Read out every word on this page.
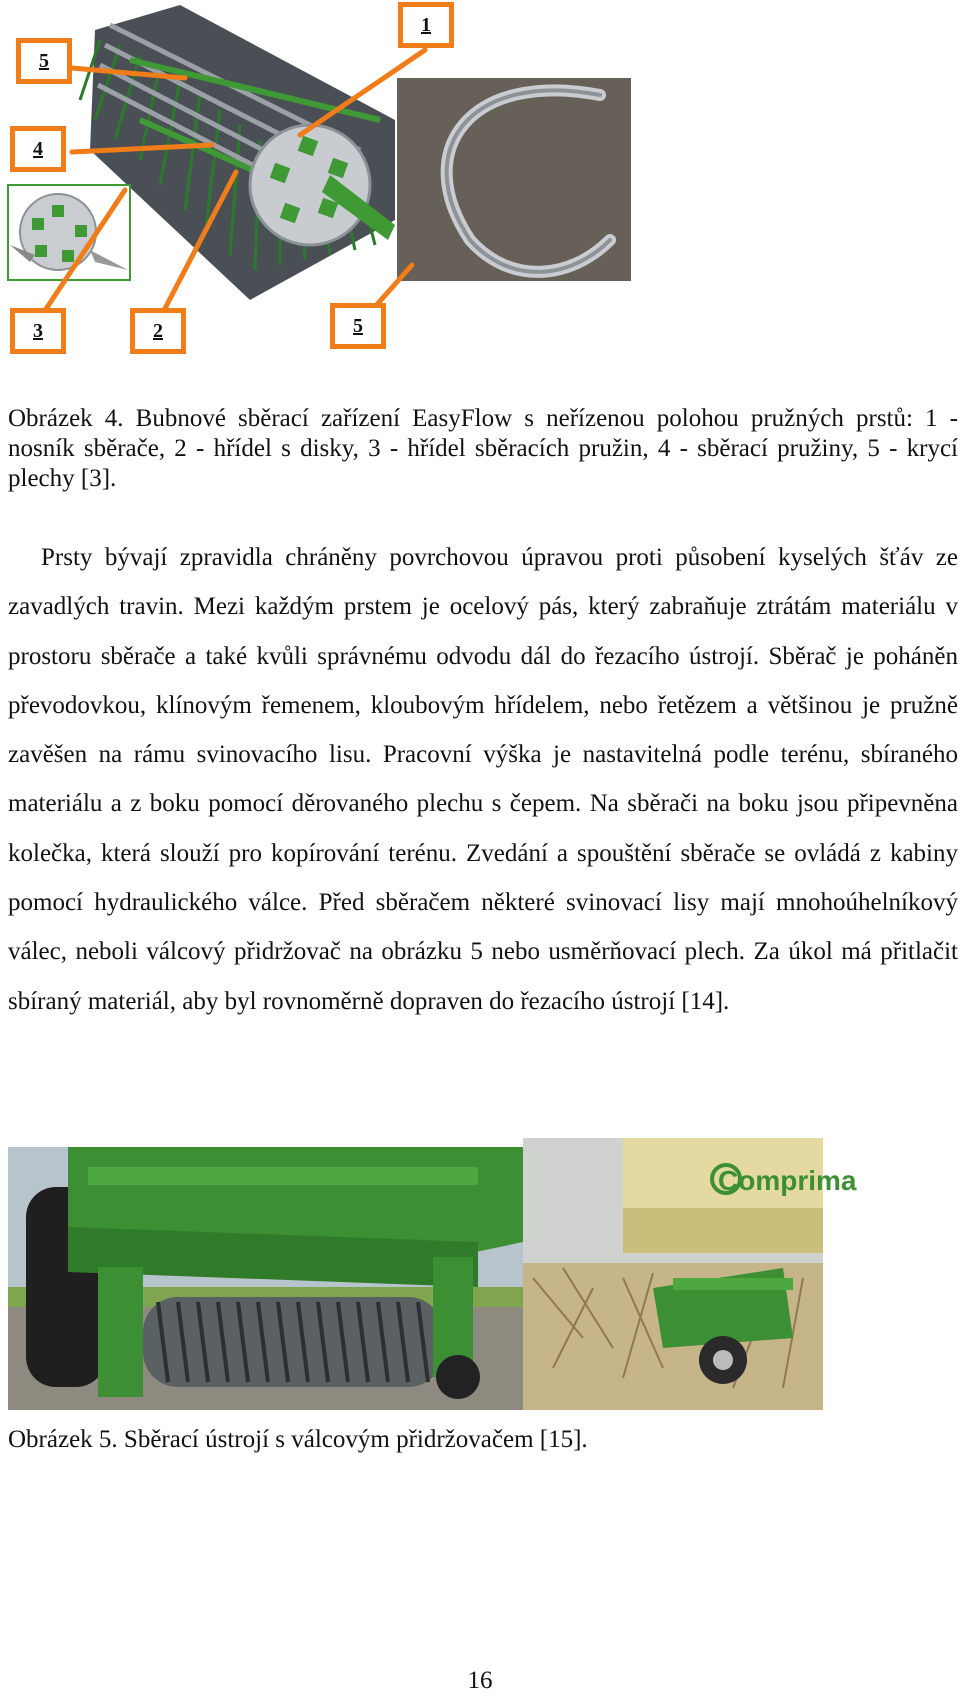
1
5
4
3	2	5
Obrázek 4. Bubnové sběrací zařízení EasyFlow s neřízenou polohou pružných prstů: 1 - nosník sběrače, 2 - hřídel s disky, 3 - hřídel sběracích pružin, 4 - sběrací pružiny, 5 - krycí plechy [3].

Prsty bývají zpravidla chráněny povrchovou úpravou proti působení kyselých šťáv ze zavadlých travin. Mezi každým prstem je ocelový pás, který zabraňuje ztrátám materiálu v prostoru sběrače a také kvůli správnému odvodu dál do řezacího ústrojí. Sběrač je poháněn převodovkou, klínovým řemenem, kloubovým hřídelem, nebo řetězem a většinou je pružně zavěšen na rámu svinovacího lisu. Pracovní výška je nastavitelná podle terénu, sbíraného materiálu a z boku pomocí děrovaného plechu s čepem. Na sběrači na boku jsou připevněna kolečka, která slouží pro kopírování terénu. Zvedání a spouštění sběrače se ovládá z kabiny pomocí hydraulického válce. Před sběračem některé svinovací lisy mají mnohoúhelníkový válec, neboli válcový přidržovač na obrázku 5 nebo usměrňovací plech. Za úkol má přitlačit sbíraný materiál, aby byl rovnoměrně dopraven do řezacího ústrojí [14].

Comprima
Obrázek 5. Sběrací ústrojí s válcovým přidržovačem [15].
16
